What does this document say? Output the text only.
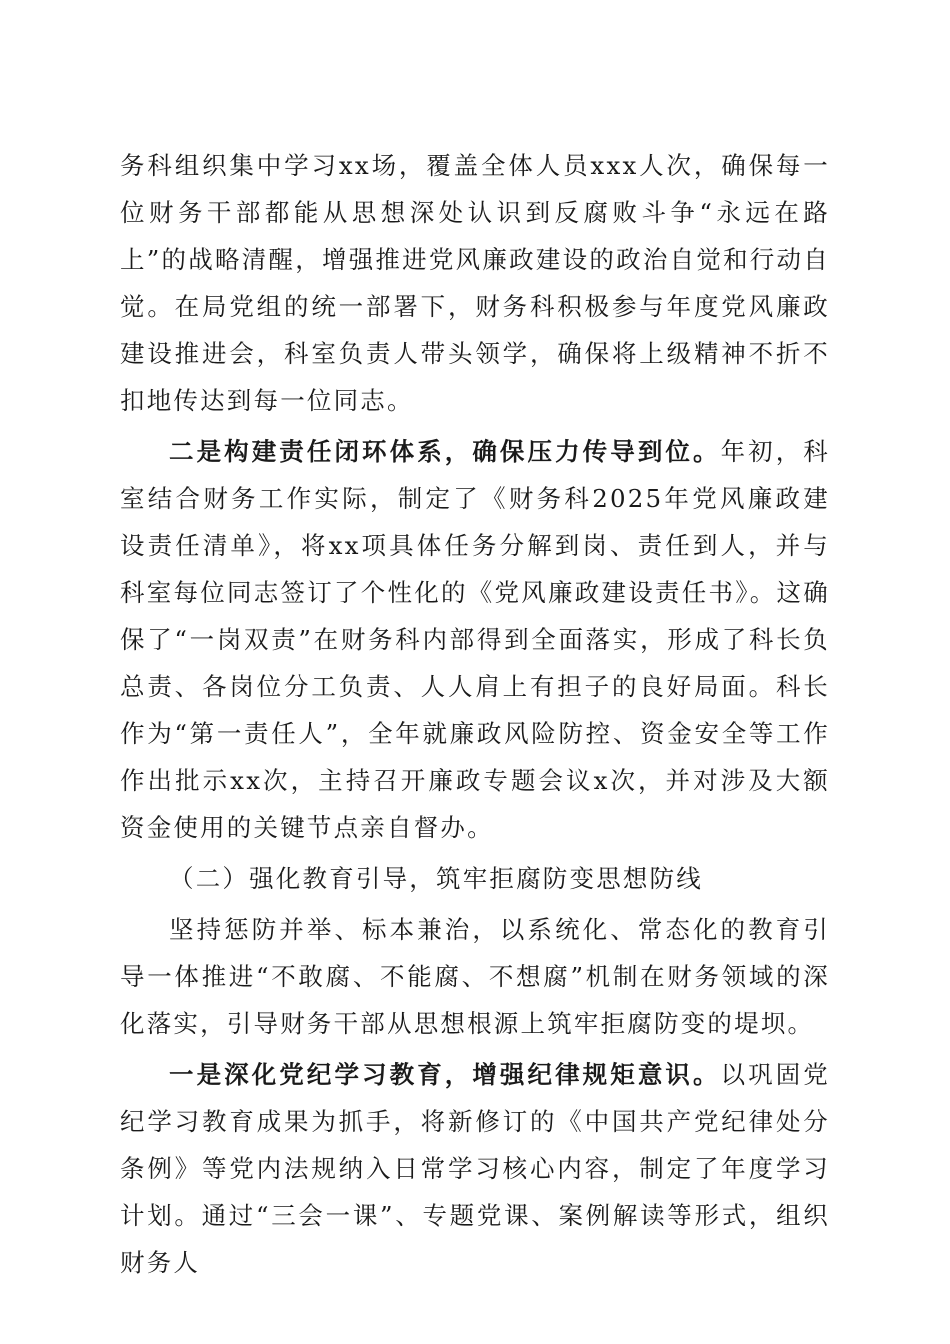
务科组织集中学习xx场，覆盖全体人员xxx人次，确保每一位财务干部都能从思想深处认识到反腐败斗争“永远在路上”的战略清醒，增强推进党风廉政建设的政治自觉和行动自觉。在局党组的统一部署下，财务科积极参与年度党风廉政建设推进会，科室负责人带头领学，确保将上级精神不折不扣地传达到每一位同志。

二是构建责任闭环体系，确保压力传导到位。年初，科室结合财务工作实际，制定了《财务科2025年党风廉政建设责任清单》，将xx项具体任务分解到岗、责任到人，并与科室每位同志签订了个性化的《党风廉政建设责任书》。这确保了“一岗双责”在财务科内部得到全面落实，形成了科长负总责、各岗位分工负责、人人肩上有担子的良好局面。科长作为“第一责任人”，全年就廉政风险防控、资金安全等工作作出批示xx次，主持召开廉政专题会议x次，并对涉及大额资金使用的关键节点亲自督办。

（二）强化教育引导，筑牢拒腐防变思想防线

坚持惩防并举、标本兼治，以系统化、常态化的教育引导一体推进“不敢腐、不能腐、不想腐”机制在财务领域的深化落实，引导财务干部从思想根源上筑牢拒腐防变的堤坝。

一是深化党纪学习教育，增强纪律规矩意识。以巩固党纪学习教育成果为抓手，将新修订的《中国共产党纪律处分条例》等党内法规纳入日常学习核心内容，制定了年度学习计划。通过“三会一课”、专题党课、案例解读等形式，组织财务人
